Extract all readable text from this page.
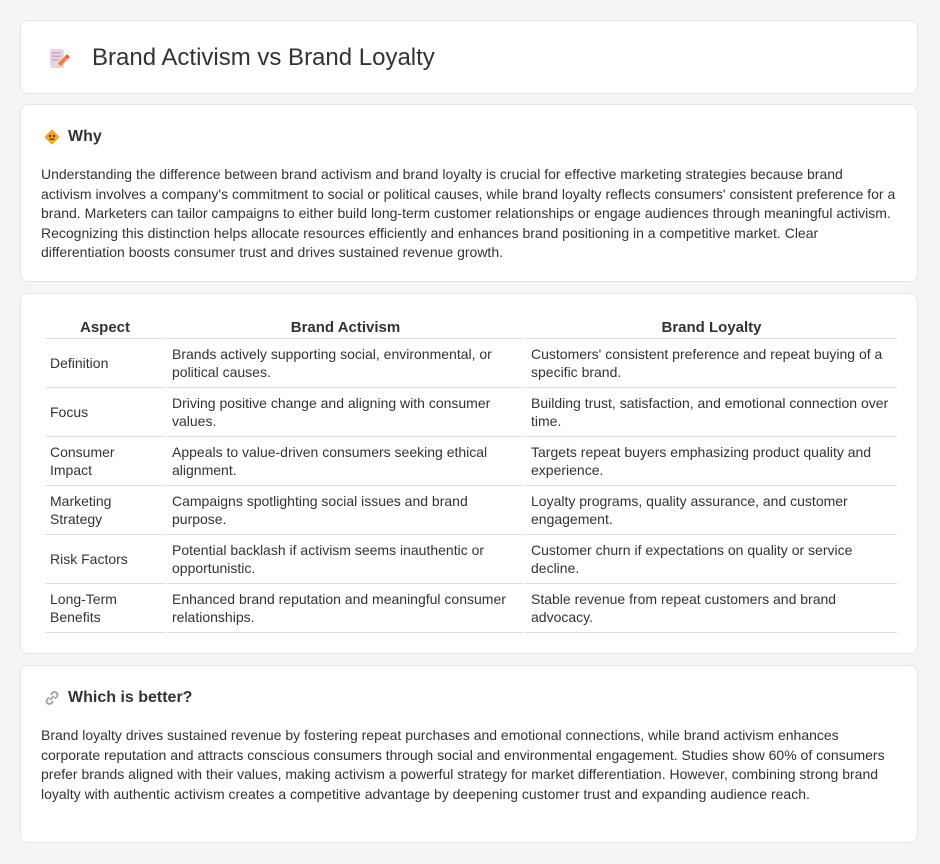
Brand Activism vs Brand Loyalty
Why

Understanding the difference between brand activism and brand loyalty is crucial for effective marketing strategies because brand activism involves a company's commitment to social or political causes, while brand loyalty reflects consumers' consistent preference for a brand. Marketers can tailor campaigns to either build long-term customer relationships or engage audiences through meaningful activism. Recognizing this distinction helps allocate resources efficiently and enhances brand positioning in a competitive market. Clear differentiation boosts consumer trust and drives sustained revenue growth.

Aspect	Brand Activism	Brand Loyalty
Definition	Brands actively supporting social, environmental, or political causes.	Customers' consistent preference and repeat buying of a specific brand.
Focus	Driving positive change and aligning with consumer values.	Building trust, satisfaction, and emotional connection over time.
Consumer Impact	Appeals to value-driven consumers seeking ethical alignment.	Targets repeat buyers emphasizing product quality and experience.
Marketing Strategy	Campaigns spotlighting social issues and brand purpose.	Loyalty programs, quality assurance, and customer engagement.
Risk Factors	Potential backlash if activism seems inauthentic or opportunistic.	Customer churn if expectations on quality or service decline.
Long-Term Benefits	Enhanced brand reputation and meaningful consumer relationships.	Stable revenue from repeat customers and brand advocacy.
Which is better?

Brand loyalty drives sustained revenue by fostering repeat purchases and emotional connections, while brand activism enhances corporate reputation and attracts conscious consumers through social and environmental engagement. Studies show 60% of consumers prefer brands aligned with their values, making activism a powerful strategy for market differentiation. However, combining strong brand loyalty with authentic activism creates a competitive advantage by deepening customer trust and expanding audience reach.
